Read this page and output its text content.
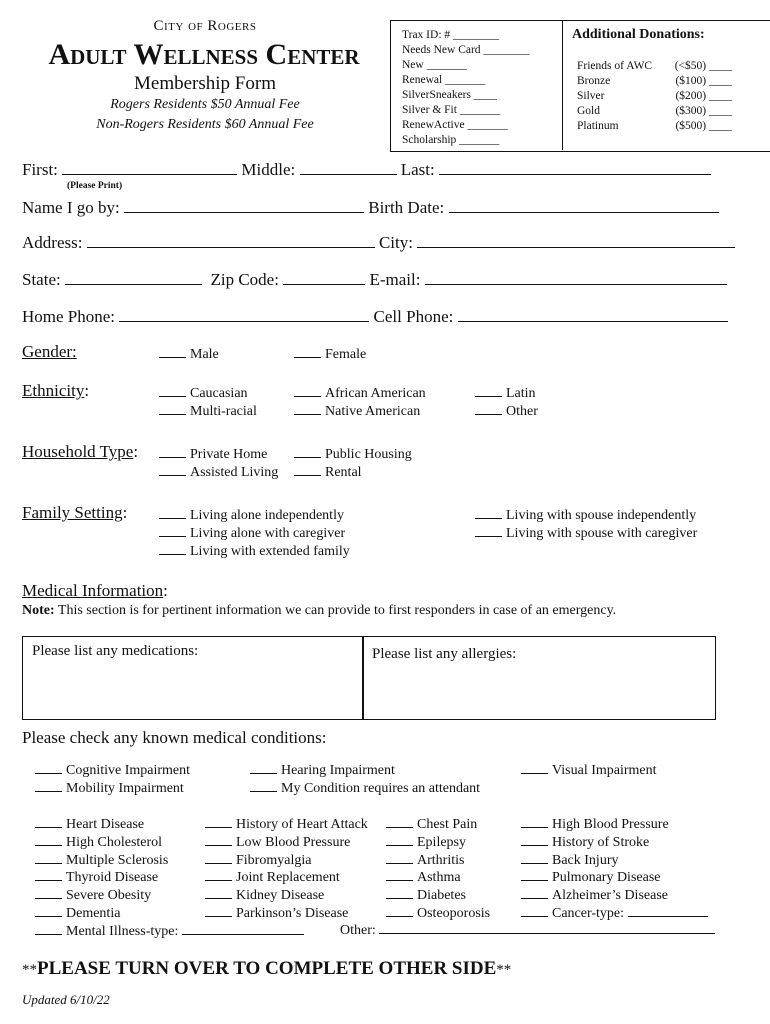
City of Rogers
Adult Wellness Center
Membership Form
Rogers Residents $50 Annual Fee
Non-Rogers Residents $60 Annual Fee
Trax ID: # ________
Needs New Card ________
New _______
Renewal _______
SilverSneakers ____
Silver & Fit _______
RenewActive _______
Scholarship _______
Additional Donations:
Friends of AWC (<$50) ____
Bronze	($100) ____
Silver	($200) ____
Gold	($300) ____
Platinum	($500) ____
First:	Middle:	Last:
(Please Print)
Name I go by:	Birth Date:
Address:	City:
State:	Zip Code:	E-mail:
Home Phone:	Cell Phone:
Gender:	Male	Female
Ethnicity:	Caucasian
Multi-racial
African American
Native American
Latin
Other
Household Type:	Private Home
Assisted Living
Public Housing
Rental
Family Setting:	Living alone independently
Living alone with caregiver
Living with extended family
Living with spouse independently
Living with spouse with caregiver
Medical Information:
Note: This section is for pertinent information we can provide to first responders in case of an emergency.
Please list any medications:	Please list any allergies:
Please check any known medical conditions:
Cognitive Impairment
Mobility Impairment
Hearing Impairment
My Condition requires an attendant
Visual Impairment
Heart Disease
High Cholesterol
Multiple Sclerosis
Thyroid Disease
Severe Obesity
Dementia
History of Heart Attack
Low Blood Pressure
Fibromyalgia
Joint Replacement
Kidney Disease
Parkinson’s Disease
Chest Pain
Epilepsy
Arthritis
Asthma
Diabetes
Osteoporosis
High Blood Pressure
History of Stroke
Back Injury
Pulmonary Disease
Alzheimer’s Disease
Cancer-type:
Mental Illness-type:	Other:
**PLEASE TURN OVER TO COMPLETE OTHER SIDE**
Updated 6/10/22
